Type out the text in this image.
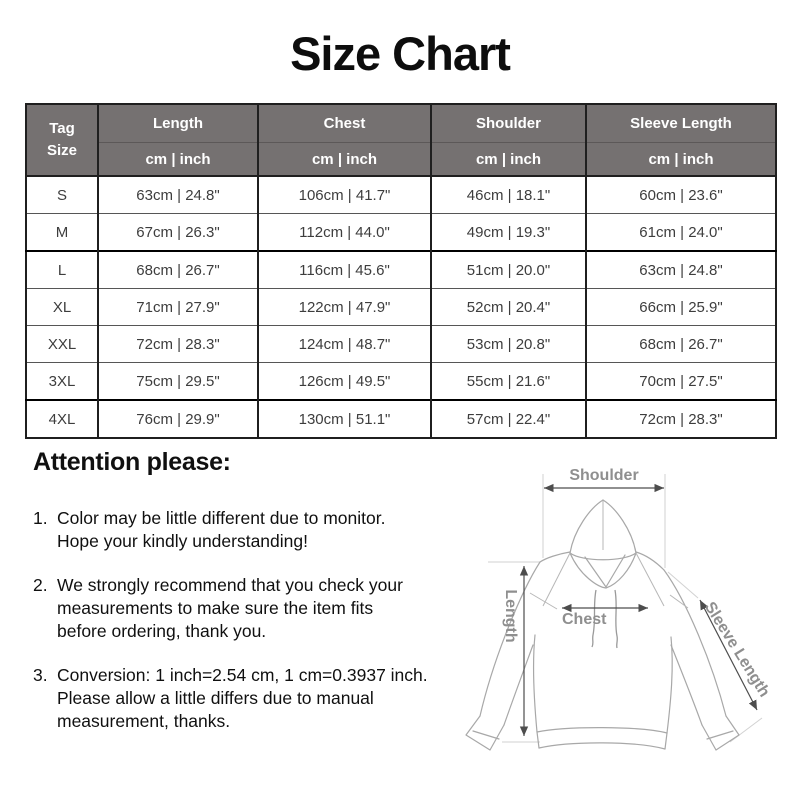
Size Chart
Tag
Size	Length	Chest	Shoulder	Sleeve Length
	cm | inch	cm | inch	cm | inch	cm | inch
S	63cm | 24.8"	106cm | 41.7"	46cm | 18.1"	60cm | 23.6"
M	67cm | 26.3"	112cm | 44.0"	49cm | 19.3"	61cm | 24.0"
L	68cm | 26.7"	116cm | 45.6"	51cm | 20.0"	63cm | 24.8"
XL	71cm | 27.9"	122cm | 47.9"	52cm | 20.4"	66cm | 25.9"
XXL	72cm | 28.3"	124cm | 48.7"	53cm | 20.8"	68cm | 26.7"
3XL	75cm | 29.5"	126cm | 49.5"	55cm | 21.6"	70cm | 27.5"
4XL	76cm | 29.9"	130cm | 51.1"	57cm | 22.4"	72cm | 28.3"
Attention please:
1. Color may be little different due to monitor.
Hope your kindly understanding!
2. We strongly recommend that you check your
measurements to make sure the item fits
before ordering, thank you.
3. Conversion: 1 inch=2.54 cm, 1 cm=0.3937 inch.
Please allow a little differs due to manual
measurement, thanks.
Shoulder
Length	Chest	Sleeve Length
